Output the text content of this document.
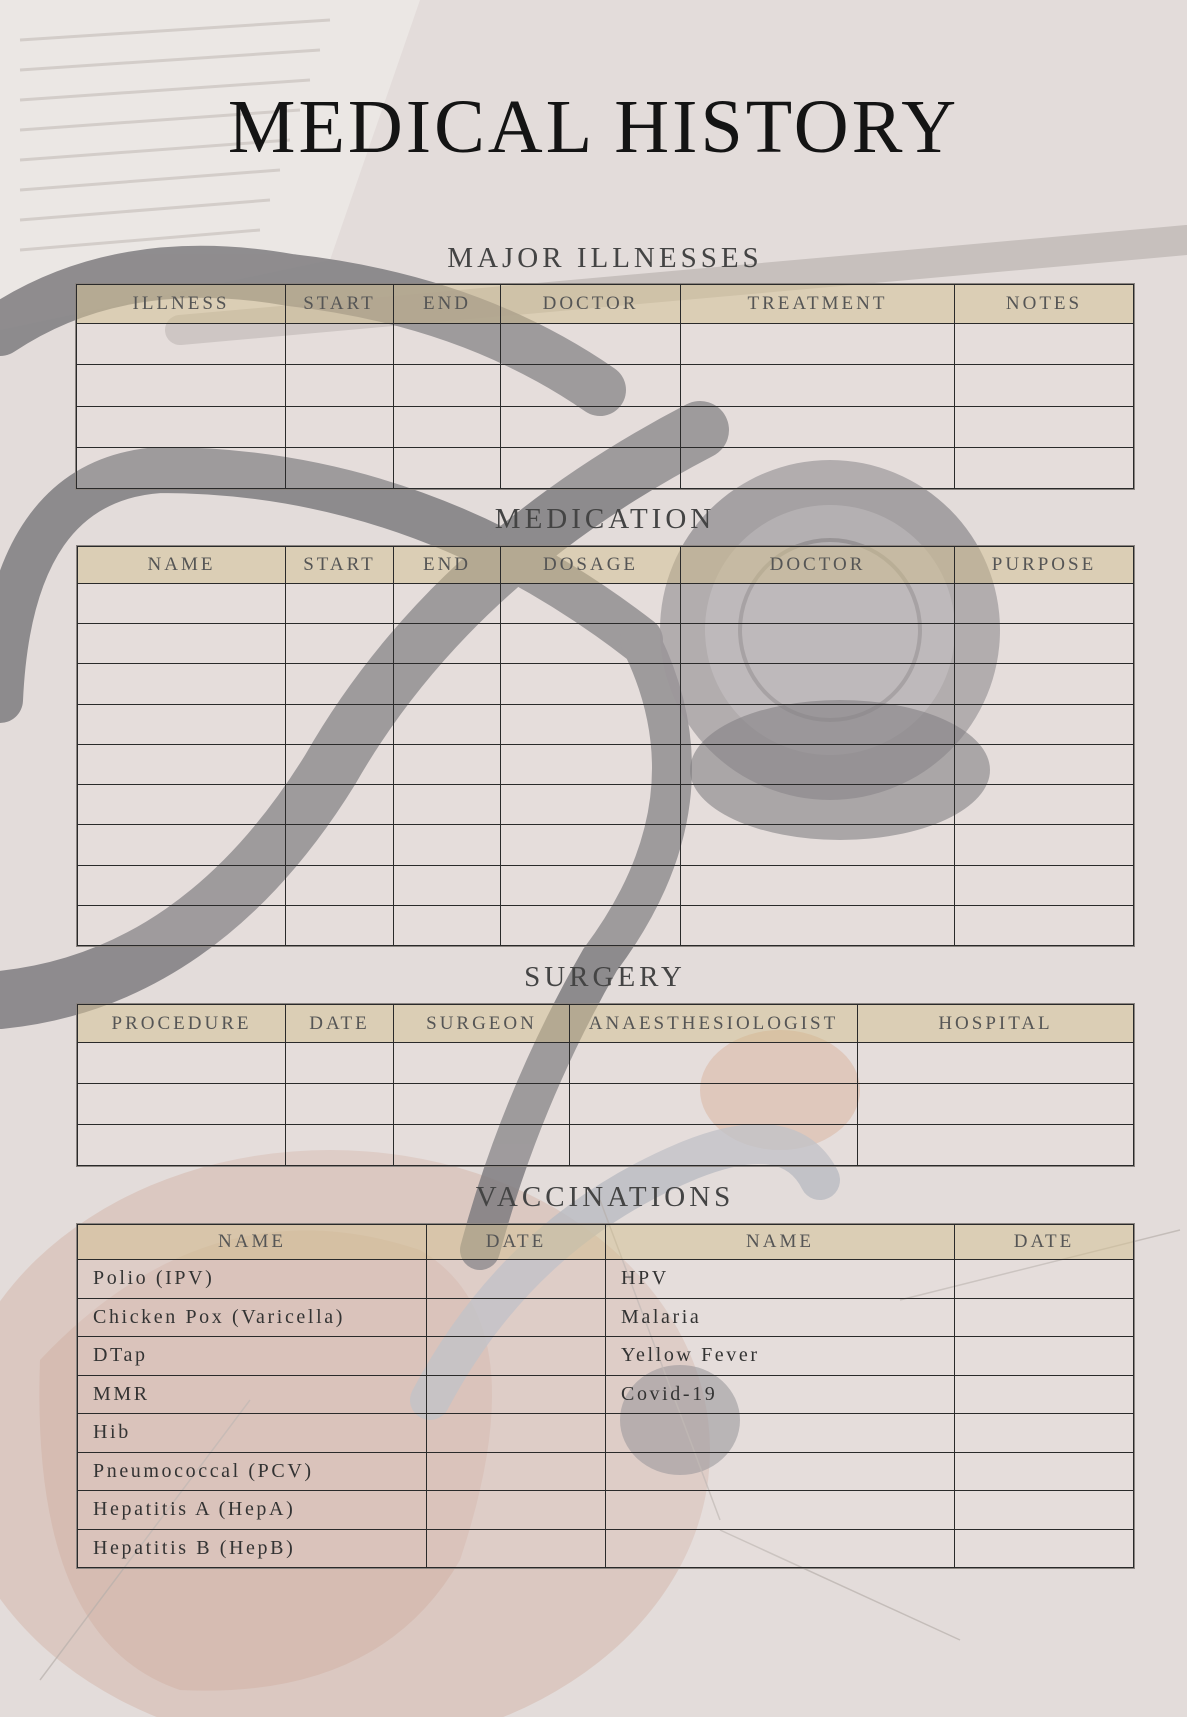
MEDICAL HISTORY
MAJOR ILLNESSES
ILLNESS	START	END	DOCTOR	TREATMENT	NOTES

MEDICATION
NAME	START	END	DOSAGE	DOCTOR	PURPOSE

SURGERY
PROCEDURE	DATE	SURGEON	ANAESTHESIOLOGIST	HOSPITAL

VACCINATIONS
NAME	DATE	NAME	DATE
Polio (IPV)		HPV	
Chicken Pox (Varicella)		Malaria	
DTap		Yellow Fever	
MMR		Covid-19	
Hib			
Pneumococcal (PCV)			
Hepatitis A (HepA)			
Hepatitis B (HepB)			
